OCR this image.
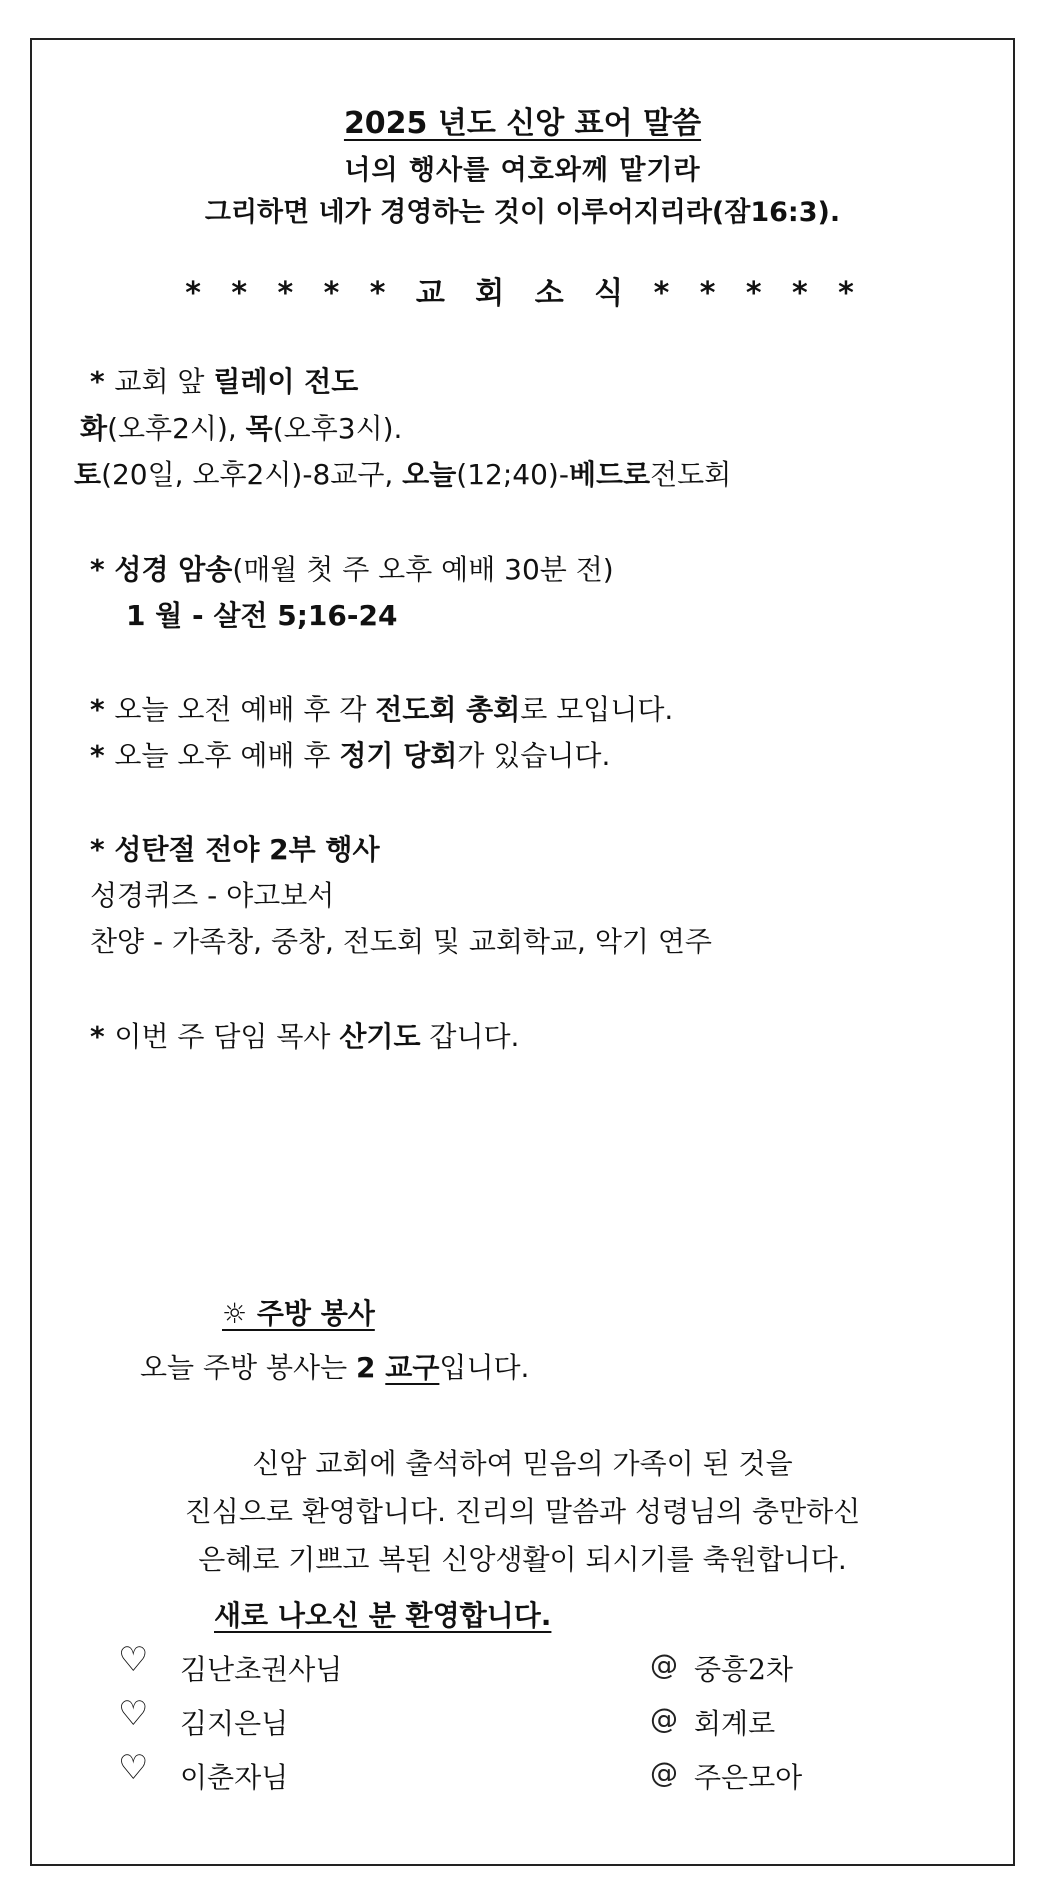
2025 년도 신앙 표어 말씀
너의 행사를 여호와께 맡기라
그리하면 네가 경영하는 것이 이루어지리라(잠16:3).
* * * * * 교 회 소 식 * * * * *
* 교회 앞 릴레이 전도
화(오후2시), 목(오후3시).
토(20일, 오후2시)-8교구, 오늘(12;40)-베드로전도회
* 성경 암송(매월 첫 주 오후 예배 30분 전)
1 월 - 살전 5;16-24
* 오늘 오전 예배 후 각 전도회 총회로 모입니다.
* 오늘 오후 예배 후 정기 당회가 있습니다.
* 성탄절 전야 2부 행사
성경퀴즈 - 야고보서
찬양 - 가족창, 중창, 전도회 및 교회학교, 악기 연주
* 이번 주 담임 목사 산기도 갑니다.
☼ 주방 봉사
오늘 주방 봉사는 2 교구입니다.
신암 교회에 출석하여 믿음의 가족이 된 것을
진심으로 환영합니다. 진리의 말씀과 성령님의 충만하신
은혜로 기쁘고 복된 신앙생활이 되시기를 축원합니다.
새로 나오신 분 환영합니다.
♡ 김난초권사님	@ 중흥2차
♡ 김지은님	@ 회계로
♡ 이춘자님	@ 주은모아
